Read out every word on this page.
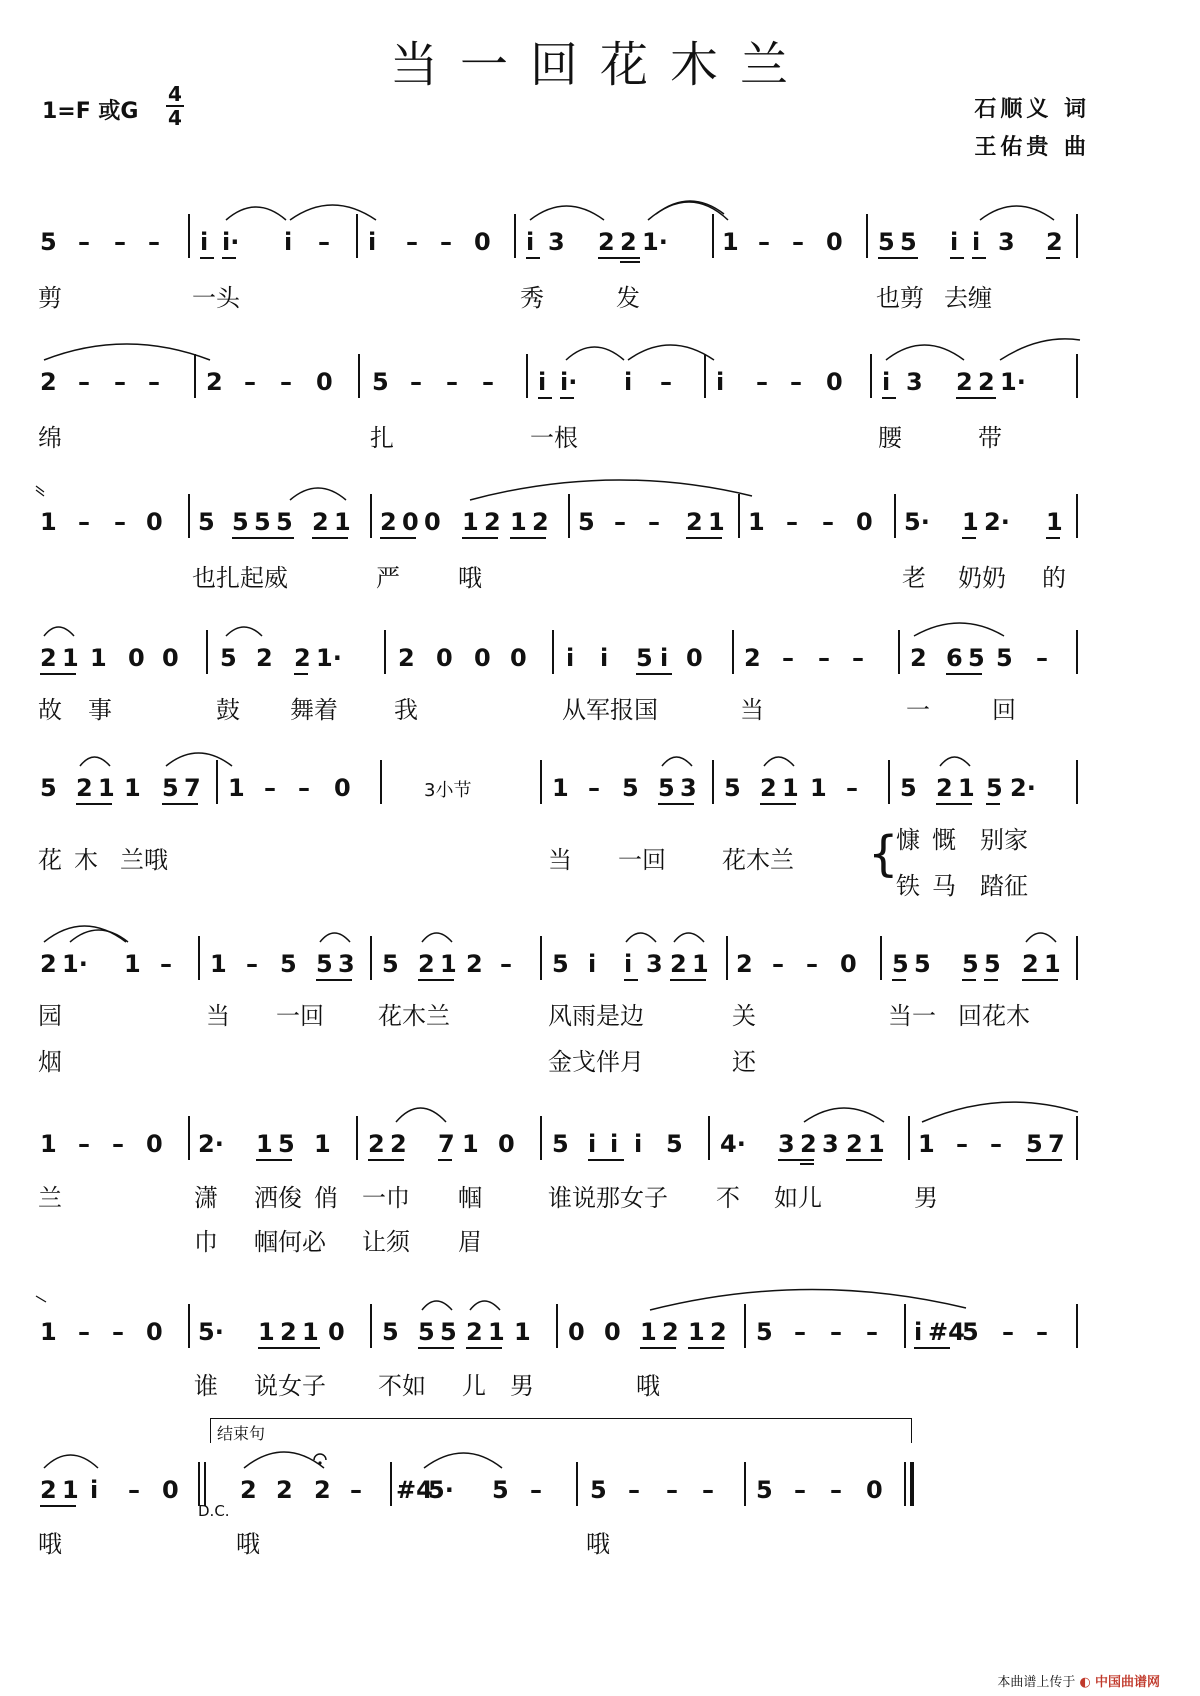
当一回花木兰
1=F 或G
4
4	石顺义 词
王佑贵 曲
5 – – – i i· i – i – – 0 i 3 2 2 1· 1 – – 0 5 5 i i 3 2
剪	一头	秀	发	也剪 去缠
2 – – – 2 – – 0 5 – – – i i· i – i – – 0 i 3 2 2 1·
绵	扎	一根	腰	带
1 – – 0 5 5 5 5 2 1 2 0 0 1 2 1 2 5 – – 2 1 1 – – 0 5· 1 2· 1
也扎起威	严 哦	老 奶奶 的
2 1 1 0 0 5 2 2 1· 2 0 0 0 i i 5 i 0 2 – – – 2 6 5 5 –
故 事	鼓 舞着 我	从军报国	当	一	回
5 2 1 1 5 7 1 – – 0	3小节	1 – 5 5 3 5 2 1 1 – 5 2 1 5 2·
花 木 兰哦	当 一回 花木兰 {
慷 慨 别家
铁 马 踏征
2 1· 1 – 1 – 5 5 3 5 2 1 2 – 5 i i 3 2 1 2 – – 0 5 5 5 5 2 1
园	当 一回 花木兰	风雨是边	关	当一 回花木
烟	金戈伴月	还
1 – – 0 2· 1 5 1 2 2 7 1 0 5 i i i 5 4· 3 2 3 2 1 1 – – 5 7
兰	潇 洒俊 俏 一巾 帼	谁说那女子 不 如儿	男
巾 帼何必 让须 眉
1 – – 0 5· 1 2 1 0 5 5 5 2 1 1 0 0 1 2 1 2 5 – – – i #4
5 – –
谁 说女子 不如 儿 男	哦
结束句
2 1 i – 0
D.C.
2 2 2 – #4
5· 5 – 5 – – – 5 – – 0
哦	哦	哦
本曲谱上传于 ◐ 中国曲谱网
